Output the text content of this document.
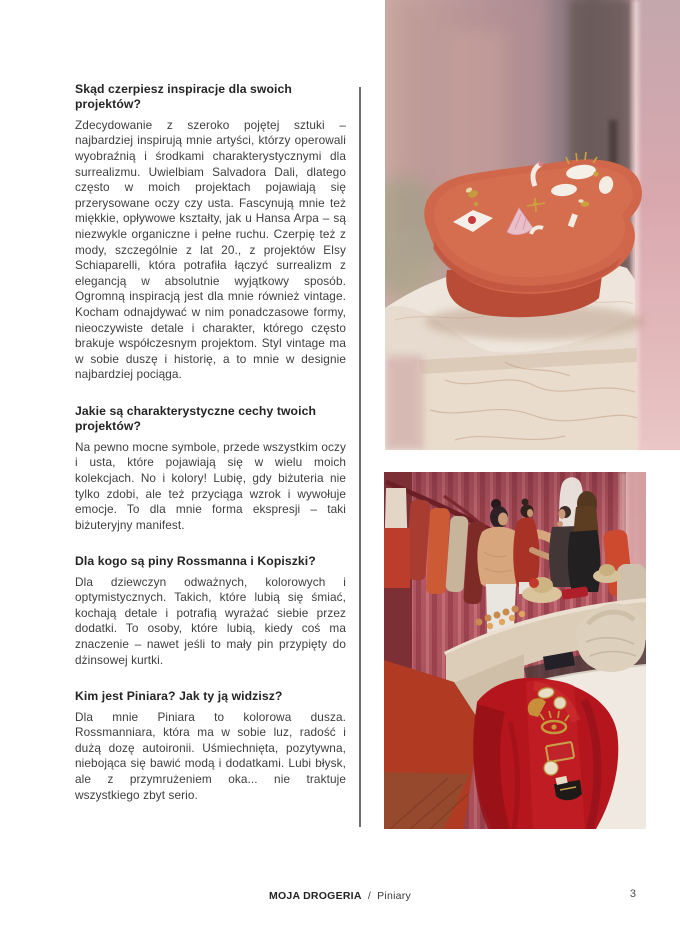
Skąd czerpiesz inspiracje dla swoich projektów?

Zdecydowanie z szeroko pojętej sztuki – najbardziej inspirują mnie artyści, którzy operowali wyobraźnią i środkami charakterystycznymi dla surrealizmu. Uwielbiam Salvadora Dali, dlatego często w moich projektach pojawiają się przerysowane oczy czy usta. Fascynują mnie też miękkie, opływowe kształty, jak u Hansa Arpa – są niezwykle organiczne i pełne ruchu. Czerpię też z mody, szczególnie z lat 20., z projektów Elsy Schiaparelli, która potrafiła łączyć surrealizm z elegancją w absolutnie wyjątkowy sposób. Ogromną inspiracją jest dla mnie również vintage. Kocham odnajdywać w nim ponadczasowe formy, nieoczywiste detale i charakter, którego często brakuje współczesnym projektom. Styl vintage ma w sobie duszę i historię, a to mnie w designie najbardziej pociąga.

Jakie są charakterystyczne cechy twoich projektów?

Na pewno mocne symbole, przede wszystkim oczy i usta, które pojawiają się w wielu moich kolekcjach. No i kolory! Lubię, gdy biżuteria nie tylko zdobi, ale też przyciąga wzrok i wywołuje emocje. To dla mnie forma ekspresji – taki biżuteryjny manifest.

Dla kogo są piny Rossmanna i Kopiszki?

Dla dziewczyn odważnych, kolorowych i optymistycznych. Takich, które lubią się śmiać, kochają detale i potrafią wyrażać siebie przez dodatki. To osoby, które lubią, kiedy coś ma znaczenie – nawet jeśli to mały pin przypięty do dżinsowej kurtki.

Kim jest Piniara? Jak ty ją widzisz?

Dla mnie Piniara to kolorowa dusza. Rossmanniara, która ma w sobie luz, radość i dużą dozę autoironii. Uśmiechnięta, pozytywna, niebojąca się bawić modą i dodatkami. Lubi błysk, ale z przymrużeniem oka... nie traktuje wszystkiego zbyt serio.

MOJA DROGERIA / Piniary	3
